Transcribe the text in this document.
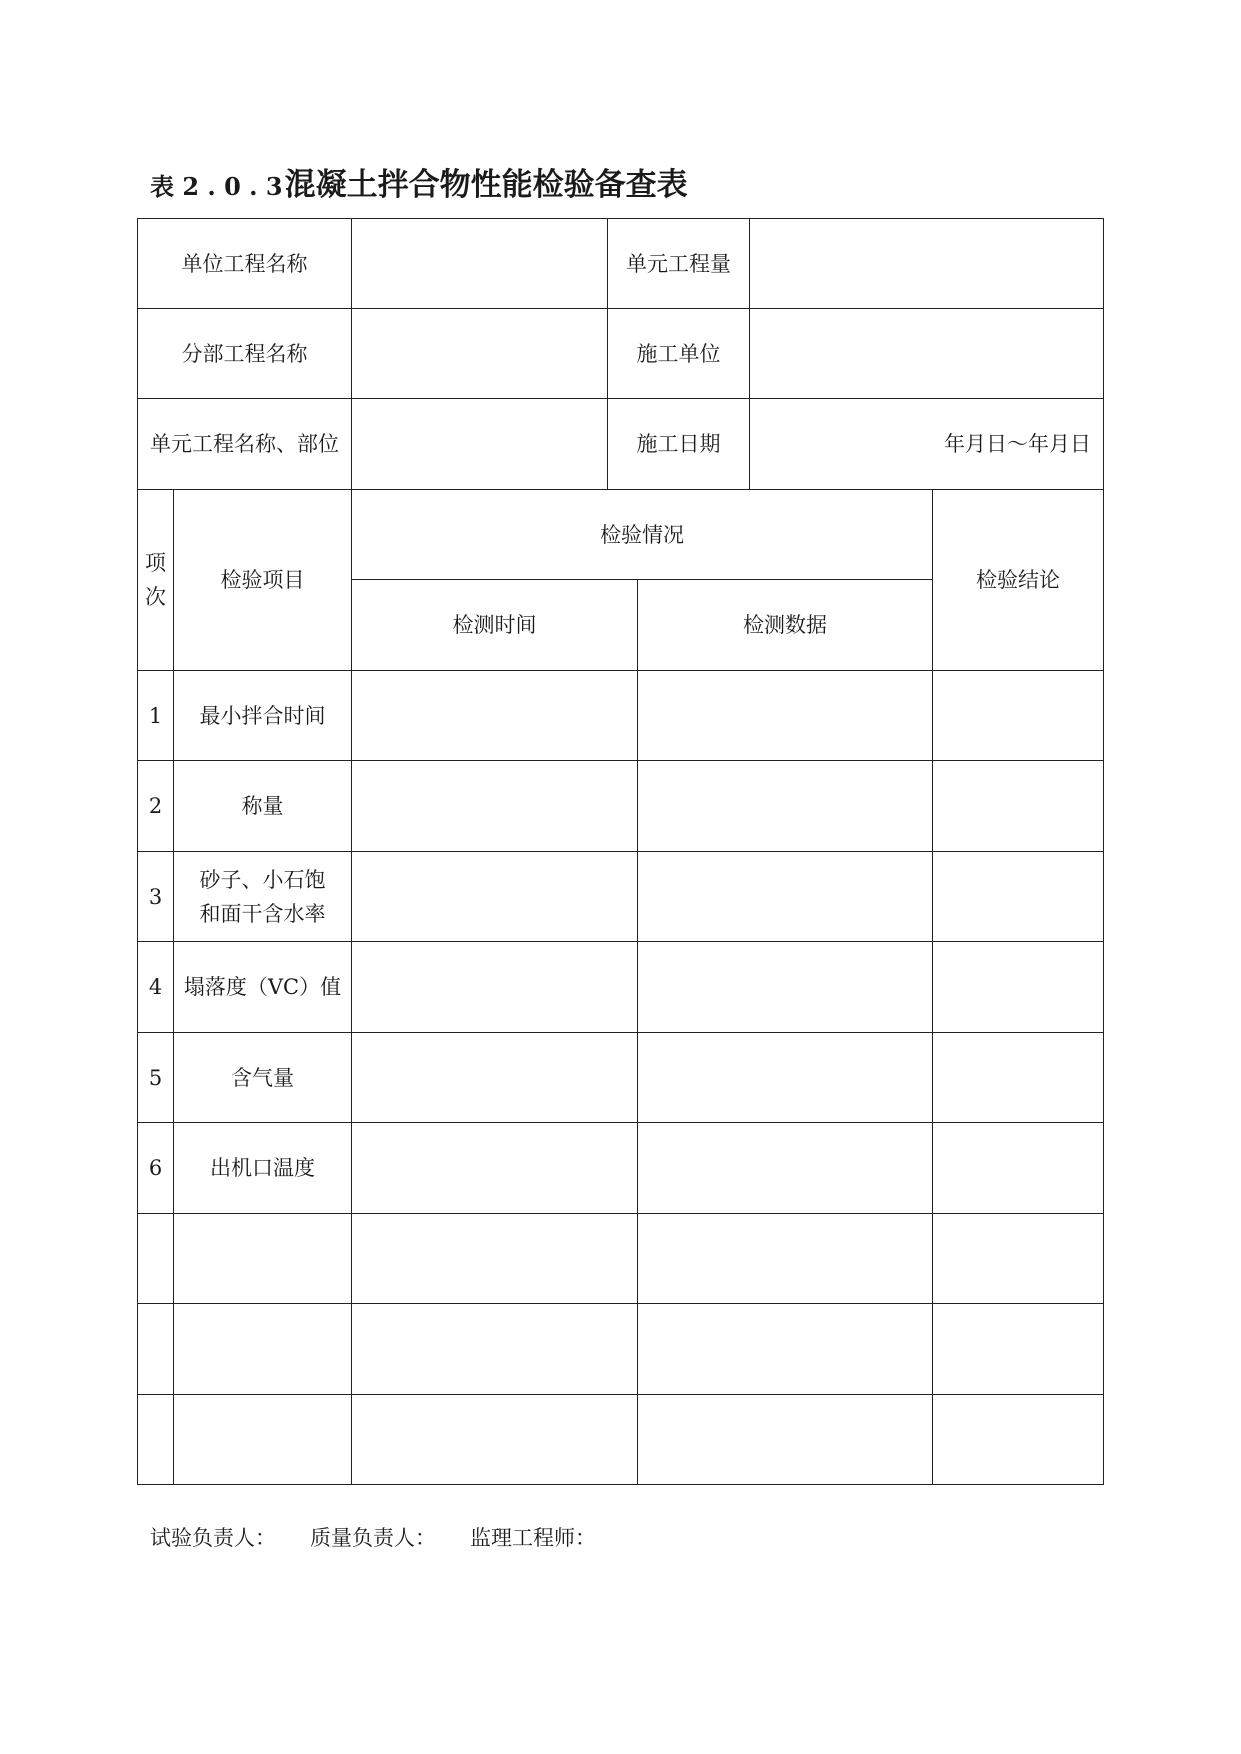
表 2 . 0 . 3混凝土拌合物性能检验备查表
单位工程名称			单元工程量			
分部工程名称			施工单位			
单元工程名称、部位			施工日期		年月日～年月日	
项
次	检验项目	检验情况				检验结论
		检测时间		检测数据		
1	最小拌合时间					
2	称量					
3	砂子、小石饱
和面干含水率					
4	塌落度（VC）值					
5	含气量					
6	出机口温度					

试验负责人： 质量负责人： 监理工程师：
